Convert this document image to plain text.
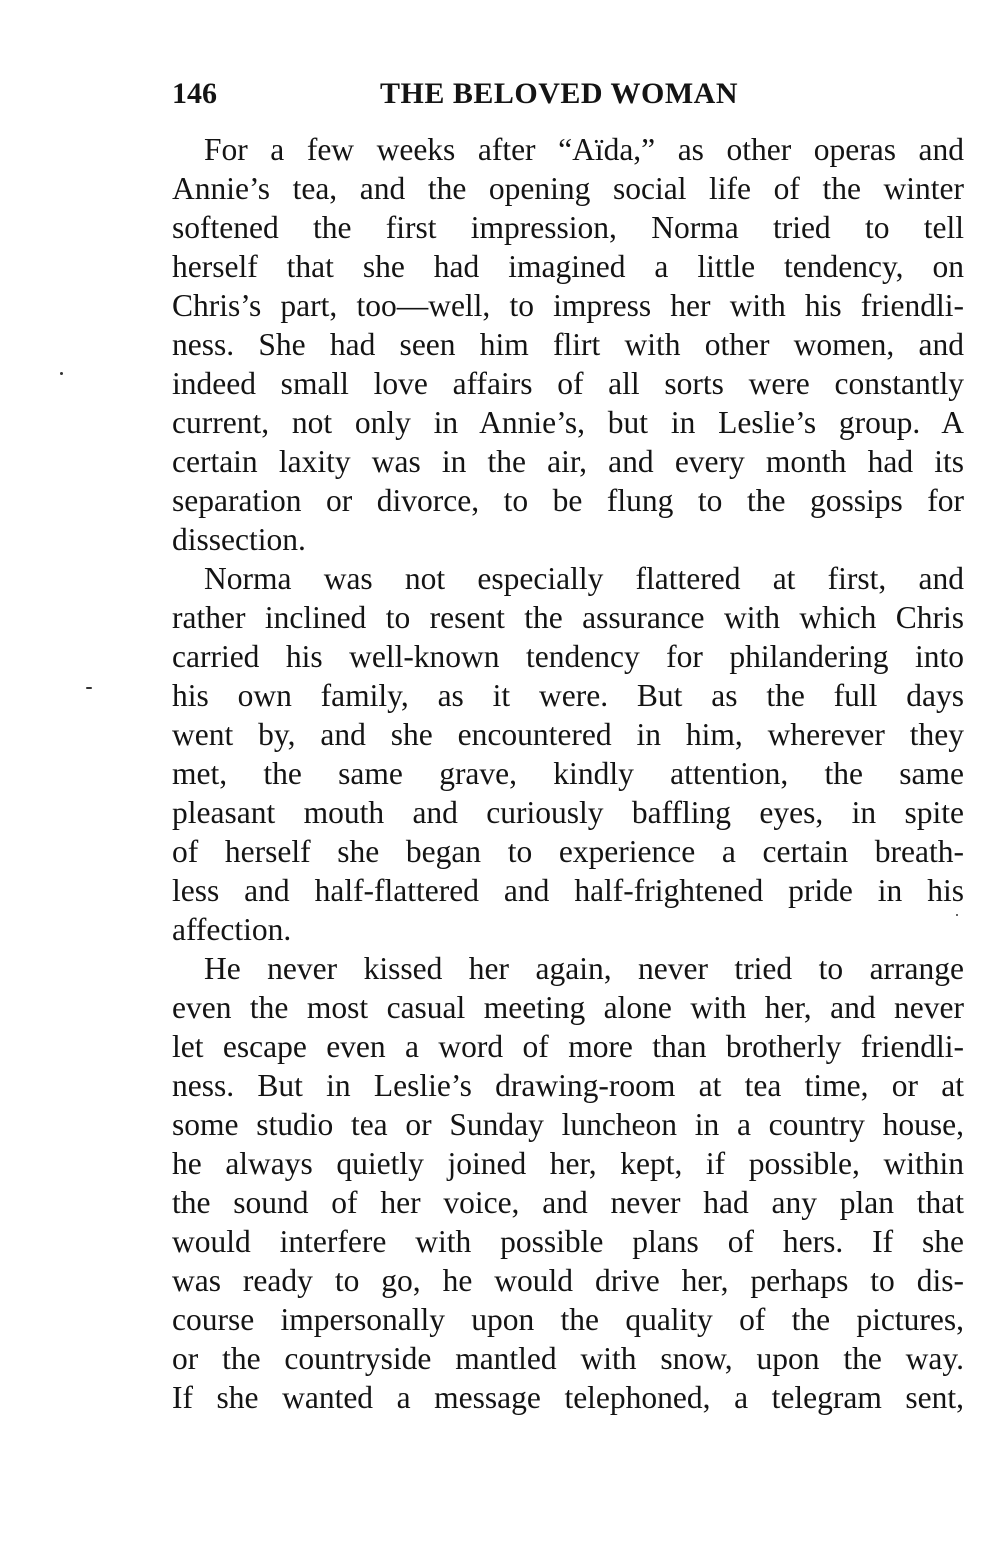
146	THE BELOVED WOMAN
For a few weeks after “Aïda,” as other operas and
Annie’s tea, and the opening social life of the winter
softened the first impression, Norma tried to tell
herself that she had imagined a little tendency, on
Chris’s part, too—well, to impress her with his friendli-
ness. She had seen him flirt with other women, and
indeed small love affairs of all sorts were constantly
current, not only in Annie’s, but in Leslie’s group. A
certain laxity was in the air, and every month had its
separation or divorce, to be flung to the gossips for
dissection.
Norma was not especially flattered at first, and
rather inclined to resent the assurance with which Chris
carried his well-known tendency for philandering into
his own family, as it were. But as the full days
went by, and she encountered in him, wherever they
met, the same grave, kindly attention, the same
pleasant mouth and curiously baffling eyes, in spite
of herself she began to experience a certain breath-
less and half-flattered and half-frightened pride in his
affection.
He never kissed her again, never tried to arrange
even the most casual meeting alone with her, and never
let escape even a word of more than brotherly friendli-
ness. But in Leslie’s drawing-room at tea time, or at
some studio tea or Sunday luncheon in a country house,
he always quietly joined her, kept, if possible, within
the sound of her voice, and never had any plan that
would interfere with possible plans of hers. If she
was ready to go, he would drive her, perhaps to dis-
course impersonally upon the quality of the pictures,
or the countryside mantled with snow, upon the way.
If she wanted a message telephoned, a telegram sent,
